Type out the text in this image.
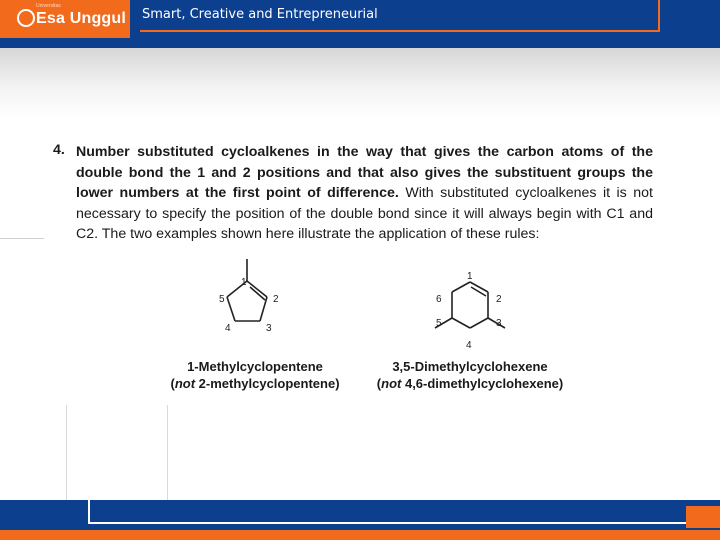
Universitas
Esa Unggul Smart, Creative and Entrepreneurial
4. Number substituted cycloalkenes in the way that gives the carbon atoms of the double bond the 1 and 2 positions and that also gives the substituent groups the lower numbers at the first point of difference. With substituted cycloalkenes it is not necessary to specify the position of the double bond since it will always begin with C1 and C2. The two examples shown here illustrate the application of these rules:
1
2
3
4
5
1
2
3
4
5
6
1-Methylcyclopentene
(not 2-methylcyclopentene)
3,5-Dimethylcyclohexene
(not 4,6-dimethylcyclohexene)
